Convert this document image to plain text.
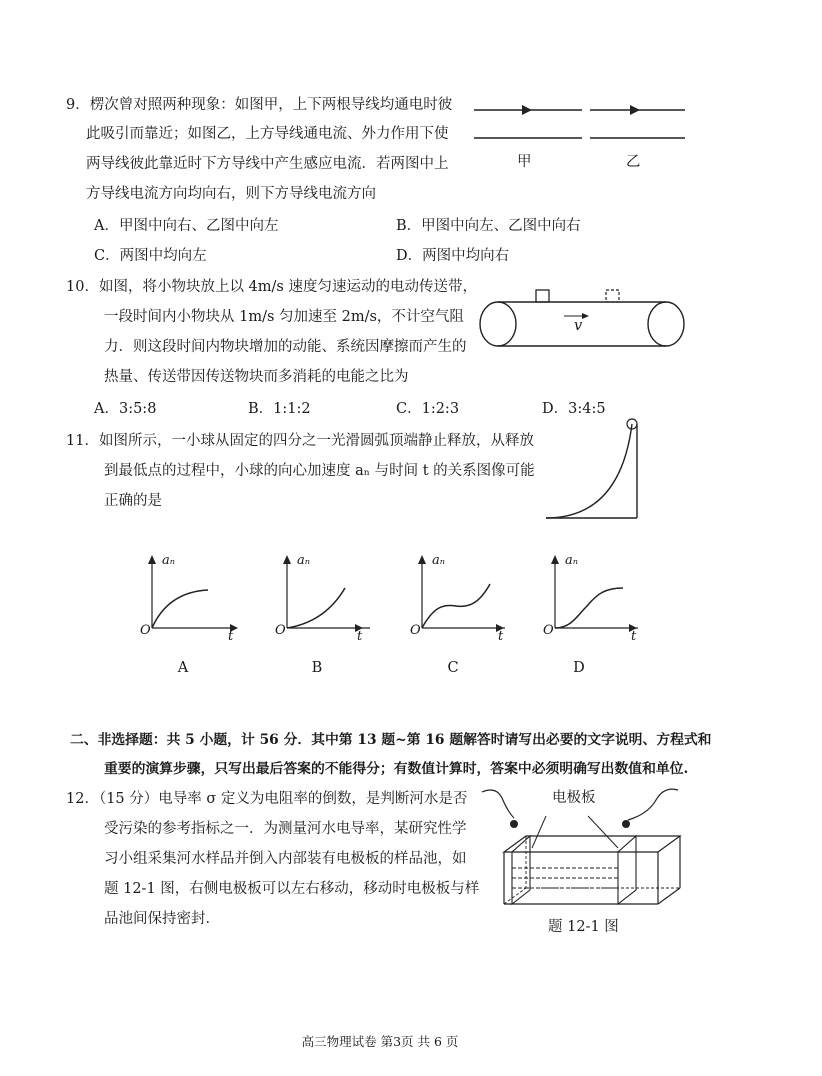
9．楞次曾对照两种现象：如图甲，上下两根导线均通电时彼
此吸引而靠近；如图乙，上方导线通电流、外力作用下使
两导线彼此靠近时下方导线中产生感应电流．若两图中上
方导线电流方向均向右，则下方导线电流方向
甲	乙
A．甲图中向右、乙图中向左	B．甲图中向左、乙图中向右
C．两图中均向左	D．两图中均向右
10．如图，将小物块放上以 4m/s 速度匀速运动的电动传送带，
一段时间内小物块从 1m/s 匀加速至 2m/s，不计空气阻
力．则这段时间内物块增加的动能、系统因摩擦而产生的
热量、传送带因传送物块而多消耗的电能之比为
v
A．3:5:8	B．1:1:2	C．1:2:3	D．3:4:5
11．如图所示，一小球从固定的四分之一光滑圆弧顶端静止释放，从释放
到最低点的过程中，小球的向心加速度 aₙ 与时间 t 的关系图像可能
正确的是
O	t
aₙ
O	t
aₙ
O	t
aₙ
O	t
aₙ
A	B	C	D
二、非选择题：共 5 小题，计 56 分．其中第 13 题~第 16 题解答时请写出必要的文字说明、方程式和
重要的演算步骤，只写出最后答案的不能得分；有数值计算时，答案中必须明确写出数值和单位.
12．（15 分）电导率 σ 定义为电阻率的倒数，是判断河水是否
受污染的参考指标之一．为测量河水电导率，某研究性学
习小组采集河水样品并倒入内部装有电极板的样品池，如
题 12-1 图，右侧电极板可以左右移动，移动时电极板与样
品池间保持密封．
电极板
题 12-1 图
高三物理试卷 第3页 共 6 页
